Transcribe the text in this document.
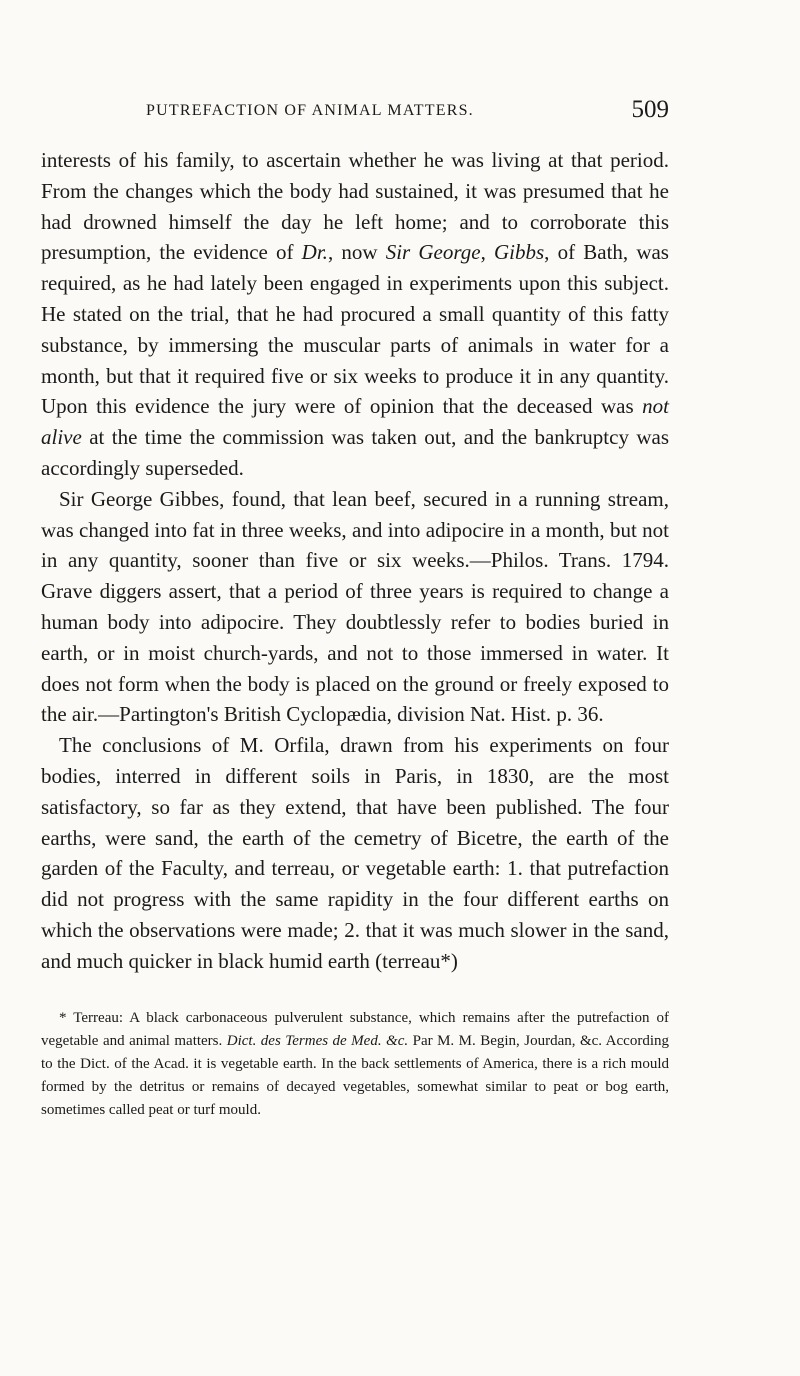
PUTREFACTION OF ANIMAL MATTERS.	509

interests of his family, to ascertain whether he was living at that period. From the changes which the body had sustained, it was presumed that he had drowned himself the day he left home; and to corroborate this presumption, the evidence of Dr., now Sir George, Gibbs, of Bath, was required, as he had lately been engaged in experiments upon this subject. He stated on the trial, that he had procured a small quantity of this fatty substance, by immersing the muscular parts of animals in water for a month, but that it required five or six weeks to produce it in any quantity. Upon this evidence the jury were of opinion that the deceased was not alive at the time the commission was taken out, and the bankruptcy was accordingly superseded.

Sir George Gibbes, found, that lean beef, secured in a running stream, was changed into fat in three weeks, and into adipocire in a month, but not in any quantity, sooner than five or six weeks.—Philos. Trans. 1794. Grave diggers assert, that a period of three years is required to change a human body into adipocire. They doubtlessly refer to bodies buried in earth, or in moist church-yards, and not to those immersed in water. It does not form when the body is placed on the ground or freely exposed to the air.—Partington's British Cyclopædia, division Nat. Hist. p. 36.

The conclusions of M. Orfila, drawn from his experiments on four bodies, interred in different soils in Paris, in 1830, are the most satisfactory, so far as they extend, that have been published. The four earths, were sand, the earth of the cemetry of Bicetre, the earth of the garden of the Faculty, and terreau, or vegetable earth: 1. that putrefaction did not progress with the same rapidity in the four different earths on which the observations were made; 2. that it was much slower in the sand, and much quicker in black humid earth (terreau*)

* Terreau: A black carbonaceous pulverulent substance, which remains after the putrefaction of vegetable and animal matters. Dict. des Termes de Med. &c. Par M. M. Begin, Jourdan, &c. According to the Dict. of the Acad. it is vegetable earth. In the back settlements of America, there is a rich mould formed by the detritus or remains of decayed vegetables, somewhat similar to peat or bog earth, sometimes called peat or turf mould.
